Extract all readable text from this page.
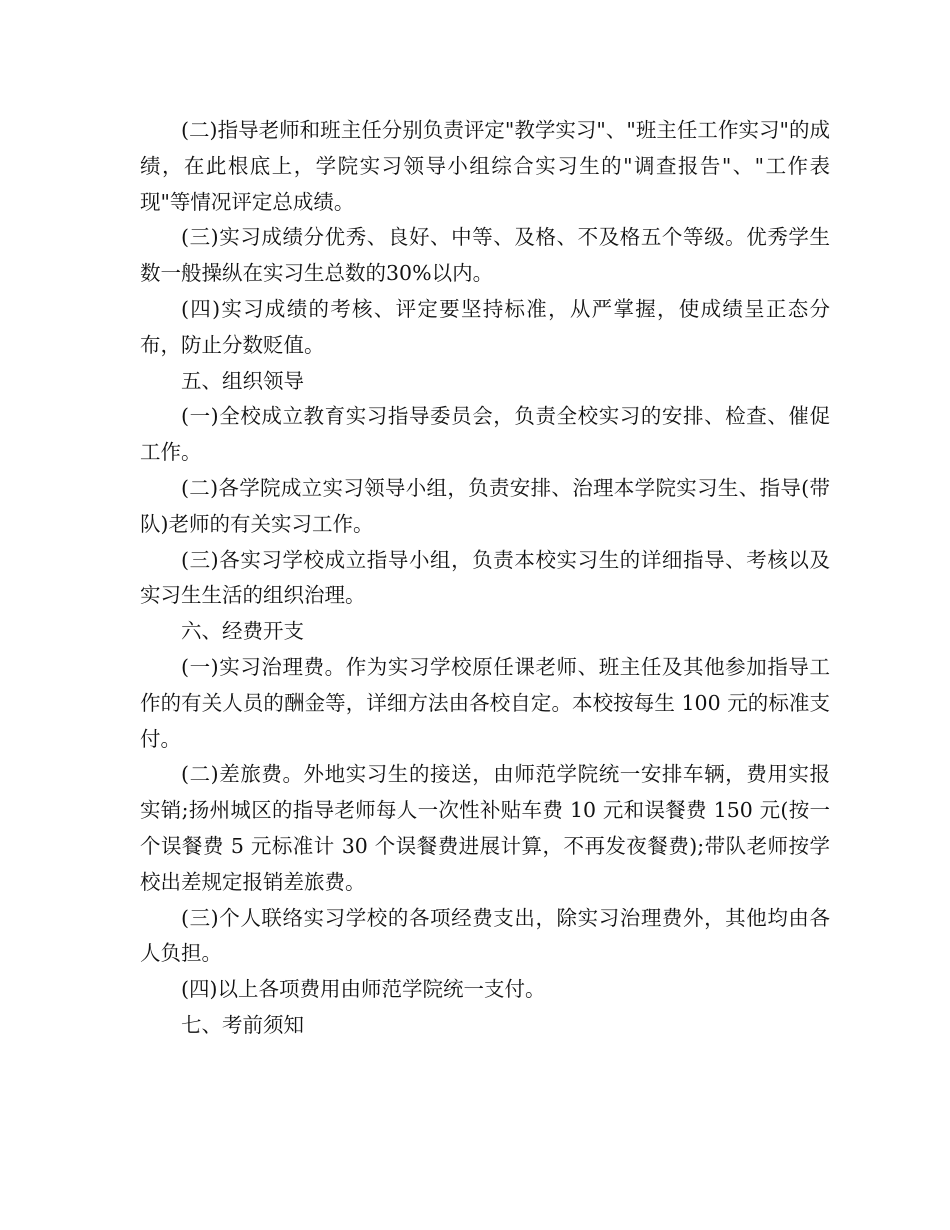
(二)指导老师和班主任分别负责评定"教学实习"、"班主任工作实习"的成绩，在此根底上，学院实习领导小组综合实习生的"调查报告"、"工作表现"等情况评定总成绩。

(三)实习成绩分优秀、良好、中等、及格、不及格五个等级。优秀学生数一般操纵在实习生总数的30%以内。

(四)实习成绩的考核、评定要坚持标准，从严掌握，使成绩呈正态分布，防止分数贬值。

五、组织领导

(一)全校成立教育实习指导委员会，负责全校实习的安排、检查、催促工作。

(二)各学院成立实习领导小组，负责安排、治理本学院实习生、指导(带队)老师的有关实习工作。

(三)各实习学校成立指导小组，负责本校实习生的详细指导、考核以及实习生生活的组织治理。

六、经费开支

(一)实习治理费。作为实习学校原任课老师、班主任及其他参加指导工作的有关人员的酬金等，详细方法由各校自定。本校按每生 100 元的标准支付。

(二)差旅费。外地实习生的接送，由师范学院统一安排车辆，费用实报实销;扬州城区的指导老师每人一次性补贴车费 10 元和误餐费 150 元(按一个误餐费 5 元标准计 30 个误餐费进展计算，不再发夜餐费);带队老师按学校出差规定报销差旅费。

(三)个人联络实习学校的各项经费支出，除实习治理费外，其他均由各人负担。

(四)以上各项费用由师范学院统一支付。

七、考前须知
